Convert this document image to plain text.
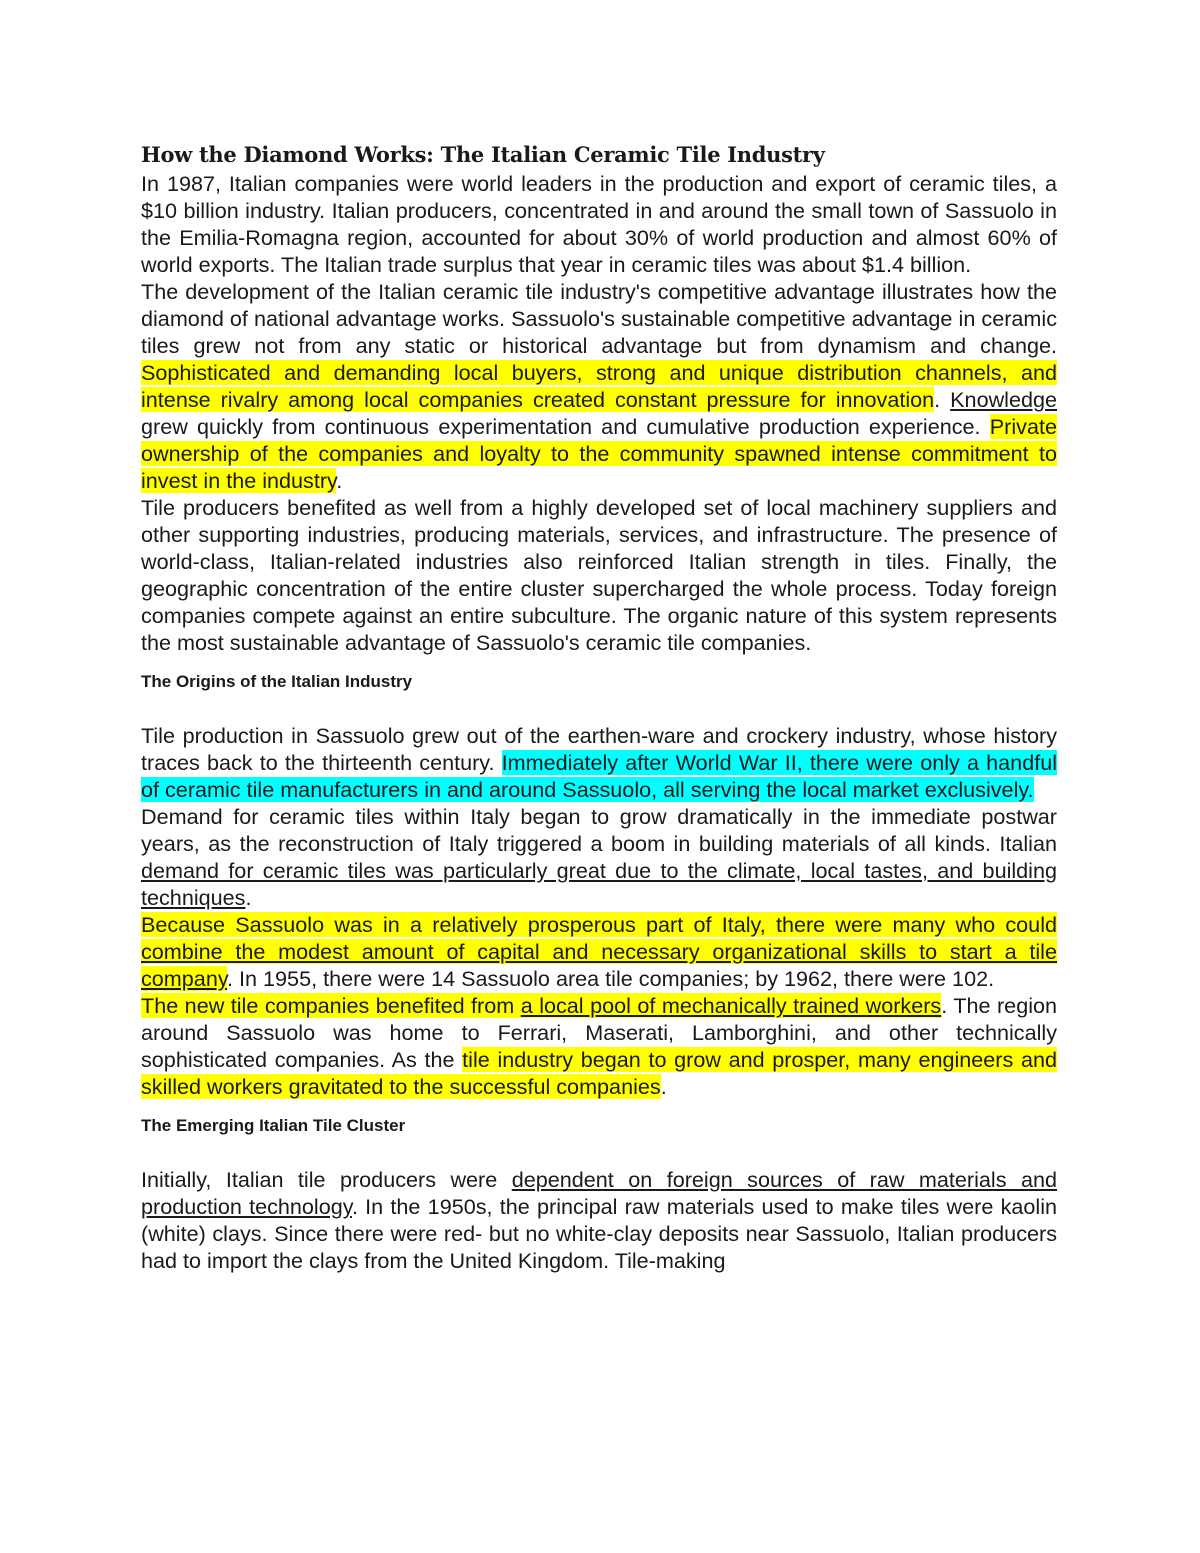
How the Diamond Works: The Italian Ceramic Tile Industry

In 1987, Italian companies were world leaders in the production and export of ceramic tiles, a $10 billion industry. Italian producers, concentrated in and around the small town of Sassuolo in the Emilia-Romagna region, accounted for about 30% of world production and almost 60% of world exports. The Italian trade surplus that year in ceramic tiles was about $1.4 billion.

The development of the Italian ceramic tile industry's competitive advantage illustrates how the diamond of national advantage works. Sassuolo's sustainable competitive advantage in ceramic tiles grew not from any static or historical advantage but from dynamism and change. Sophisticated and demanding local buyers, strong and unique distribution channels, and intense rivalry among local companies created constant pressure for innovation. Knowledge grew quickly from continuous experimentation and cumulative production experience. Private ownership of the companies and loyalty to the community spawned intense commitment to invest in the industry.

Tile producers benefited as well from a highly developed set of local machinery suppliers and other supporting industries, producing materials, services, and infrastructure. The presence of world-class, Italian-related industries also reinforced Italian strength in tiles. Finally, the geographic concentration of the entire cluster supercharged the whole process. Today foreign companies compete against an entire subculture. The organic nature of this system represents the most sustainable advantage of Sassuolo's ceramic tile companies.

The Origins of the Italian Industry

Tile production in Sassuolo grew out of the earthen-ware and crockery industry, whose history traces back to the thirteenth century. Immediately after World War II, there were only a handful of ceramic tile manufacturers in and around Sassuolo, all serving the local market exclusively.

Demand for ceramic tiles within Italy began to grow dramatically in the immediate postwar years, as the reconstruction of Italy triggered a boom in building materials of all kinds. Italian demand for ceramic tiles was particularly great due to the climate, local tastes, and building techniques.

Because Sassuolo was in a relatively prosperous part of Italy, there were many who could combine the modest amount of capital and necessary organizational skills to start a tile company. In 1955, there were 14 Sassuolo area tile companies; by 1962, there were 102.

The new tile companies benefited from a local pool of mechanically trained workers. The region around Sassuolo was home to Ferrari, Maserati, Lamborghini, and other technically sophisticated companies. As the tile industry began to grow and prosper, many engineers and skilled workers gravitated to the successful companies.

The Emerging Italian Tile Cluster

Initially, Italian tile producers were dependent on foreign sources of raw materials and production technology. In the 1950s, the principal raw materials used to make tiles were kaolin (white) clays. Since there were red- but no white-clay deposits near Sassuolo, Italian producers had to import the clays from the United Kingdom. Tile-making
